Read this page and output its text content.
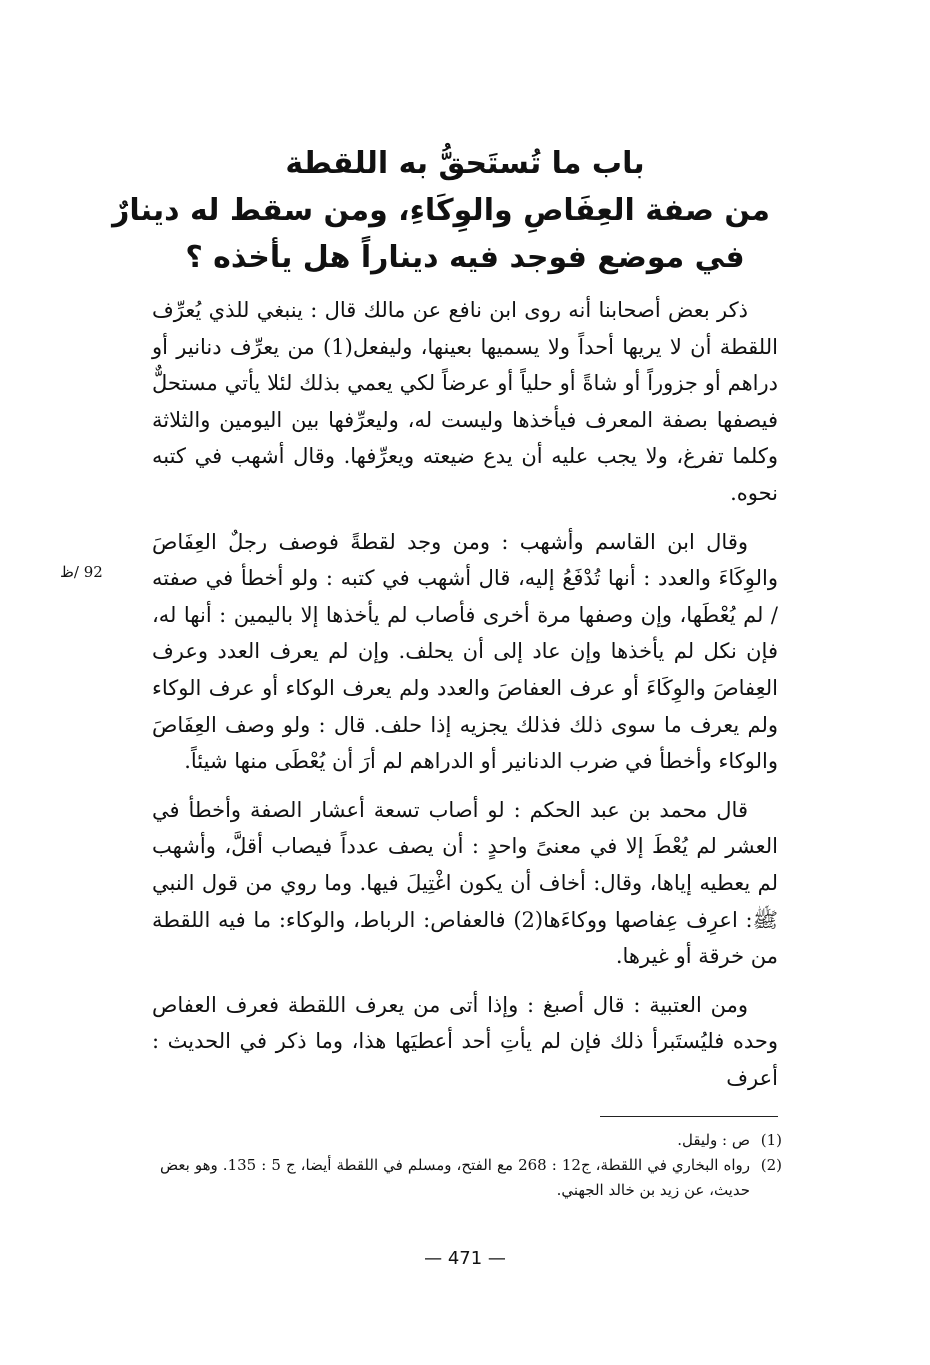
باب ما تُستَحقُّ به اللقطة
من صفة العِفَاصِ والوِكَاءِ، ومن سقط له دينارٌ
في موضع فوجد فيه ديناراً هل يأخذه ؟

ذكر بعض أصحابنا أنه روى ابن نافع عن مالك قال : ينبغي للذي يُعرِّف اللقطة أن لا يريها أحداً ولا يسميها بعينها، وليفعل(1) من يعرِّف دنانير أو دراهم أو جزوراً أو شاةً أو حلياً أو عرضاً لكي يعمي بذلك لئلا يأتي مستحلٌّ فيصفها بصفة المعرف فيأخذها وليست له، وليعرِّفها بين اليومين والثلاثة وكلما تفرغ، ولا يجب عليه أن يدع ضيعته ويعرِّفها. وقال أشهب في كتبه نحوه.

وقال ابن القاسم وأشهب : ومن وجد لقطةً فوصف رجلٌ العِفَاصَ والوِكَاءَ والعدد : أنها تُدْفَعُ إليه، قال أشهب في كتبه : ولو أخطأ في صفته / لم يُعْطَها، وإن وصفها مرة أخرى فأصاب لم يأخذها إلا باليمين : أنها له، فإن نكل لم يأخذها وإن عاد إلى أن يحلف. وإن لم يعرف العدد وعرف العِفاصَ والوِكَاءَ أو عرف العفاصَ والعدد ولم يعرف الوكاء أو عرف الوكاء ولم يعرف ما سوى ذلك فذلك يجزيه إذا حلف. قال : ولو وصف العِفَاصَ والوكاء وأخطأ في ضرب الدنانير أو الدراهم لم أرَ أن يُعْطَى منها شيئاً.

قال محمد بن عبد الحكم : لو أصاب تسعة أعشار الصفة وأخطأ في العشر لم يُعْطَ إلا في معنىً واحدٍ : أن يصف عدداً فيصاب أقلَّ، وأشهب لم يعطيه إياها، وقال: أخاف أن يكون اغْتِيلَ فيها. وما روي من قول النبي ﷺ: اعرِف عِفاصها ووكاءَها(2) فالعفاص: الرباط، والوكاء: ما فيه اللقطة من خرقة أو غيرها.

ومن العتبية : قال أصبغ : وإذا أتى من يعرف اللقطة فعرف العفاص وحده فليُستَبرأ ذلك فإن لم يأتِ أحد أعطيَها هذا، وما ذكر في الحديث : أعرف

92 /ظ
(1)
ص : وليقل.
(2)
رواه البخاري في اللقطة، ج12 : 268 مع الفتح، ومسلم في اللقطة أيضا، ج 5 : 135. وهو بعض حديث، عن زيد بن خالد الجهني.
— 471 —
